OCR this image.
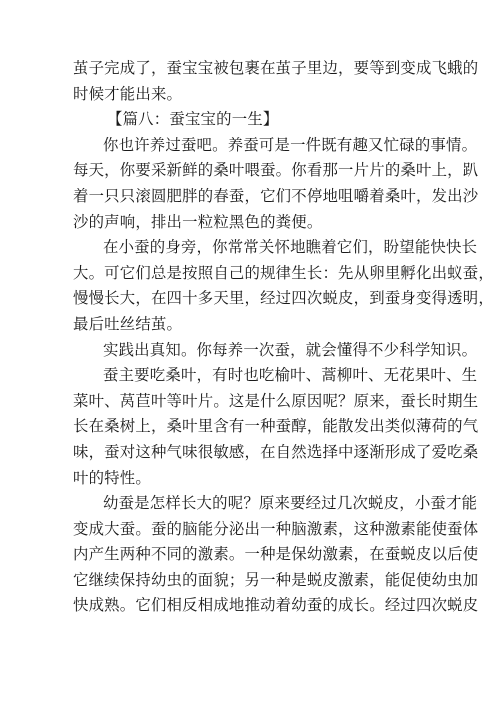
茧子完成了，蚕宝宝被包裹在茧子里边，要等到变成飞蛾的
时候才能出来。
【篇八：蚕宝宝的一生】
你也许养过蚕吧。养蚕可是一件既有趣又忙碌的事情。
每天，你要采新鲜的桑叶喂蚕。你看那一片片的桑叶上，趴
着一只只滚圆肥胖的春蚕，它们不停地咀嚼着桑叶，发出沙
沙的声响，排出一粒粒黑色的粪便。
在小蚕的身旁，你常常关怀地瞧着它们，盼望能快快长
大。可它们总是按照自己的规律生长：先从卵里孵化出蚁蚕，
慢慢长大，在四十多天里，经过四次蜕皮，到蚕身变得透明，
最后吐丝结茧。
实践出真知。你每养一次蚕，就会懂得不少科学知识。
蚕主要吃桑叶，有时也吃榆叶、蒿柳叶、无花果叶、生
菜叶、莴苣叶等叶片。这是什么原因呢？原来，蚕长时期生
长在桑树上，桑叶里含有一种蚕醇，能散发出类似薄荷的气
味，蚕对这种气味很敏感，在自然选择中逐渐形成了爱吃桑
叶的特性。
幼蚕是怎样长大的呢？原来要经过几次蜕皮，小蚕才能
变成大蚕。蚕的脑能分泌出一种脑激素，这种激素能使蚕体
内产生两种不同的激素。一种是保幼激素，在蚕蜕皮以后使
它继续保持幼虫的面貌；另一种是蜕皮激素，能促使幼虫加
快成熟。它们相反相成地推动着幼蚕的成长。经过四次蜕皮
